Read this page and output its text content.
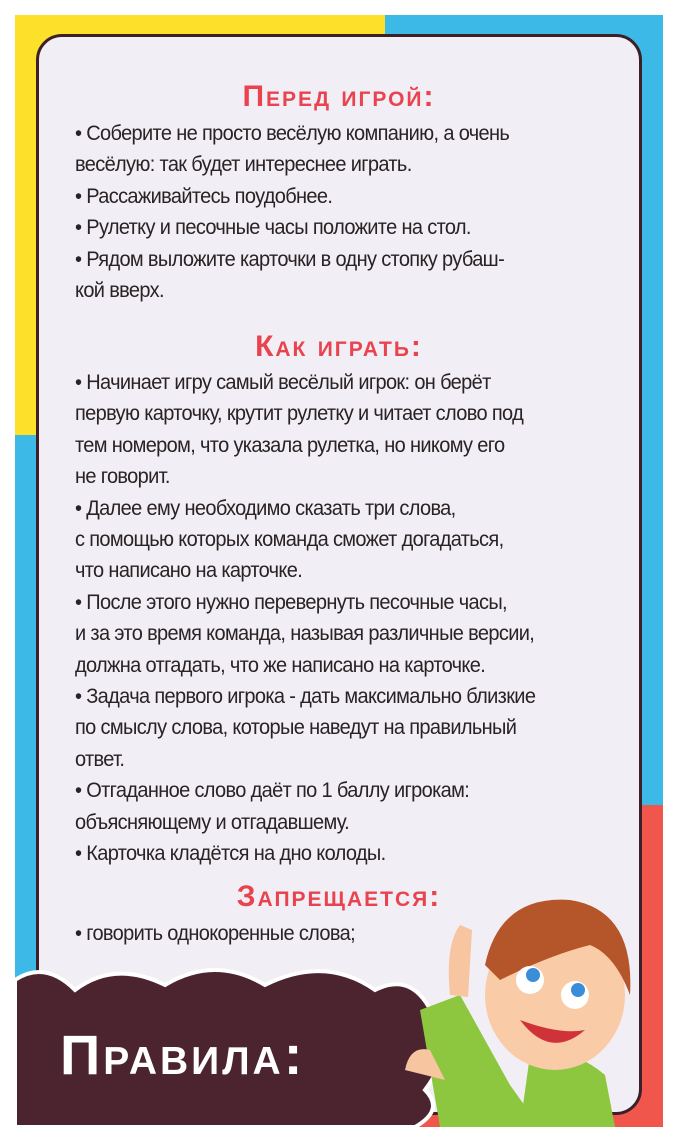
Перед игрой:
• Соберите не просто весёлую компанию, а очень
весёлую: так будет интереснее играть.
• Рассаживайтесь поудобнее.
• Рулетку и песочные часы положите на стол.
• Рядом выложите карточки в одну стопку рубаш-
кой вверх.
Как играть:
• Начинает игру самый весёлый игрок: он берёт
первую карточку, крутит рулетку и читает слово под
тем номером, что указала рулетка, но никому его
не говорит.
• Далее ему необходимо сказать три слова,
с помощью которых команда сможет догадаться,
что написано на карточке.
• После этого нужно перевернуть песочные часы,
и за это время команда, называя различные версии,
должна отгадать, что же написано на карточке.
• Задача первого игрока - дать максимально близкие
по смыслу слова, которые наведут на правильный
ответ.
• Отгаданное слово даёт по 1 баллу игрокам:
объясняющему и отгадавшему.
• Карточка кладётся на дно колоды.
Запрещается:
• говорить однокоренные слова;
Правила:
